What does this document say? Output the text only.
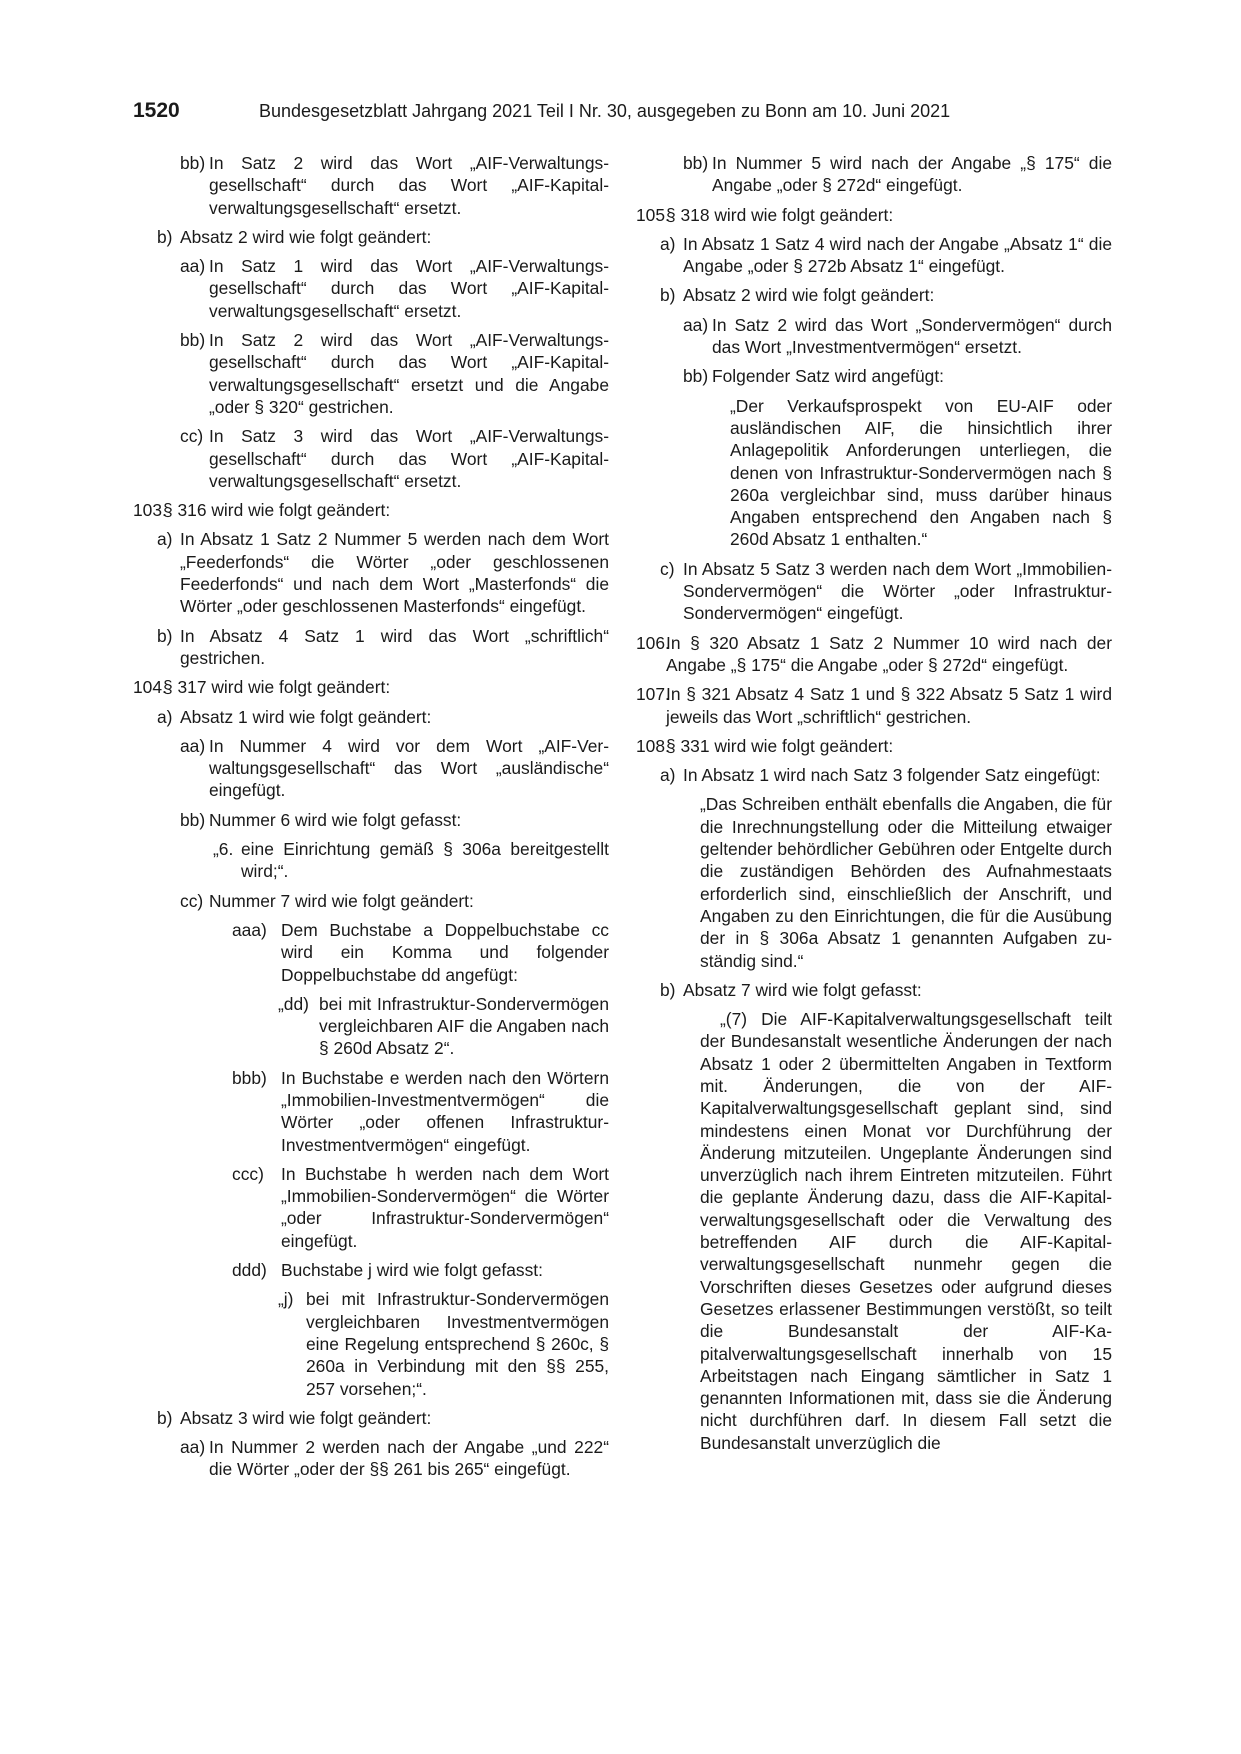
1520	Bundesgesetzblatt Jahrgang 2021 Teil I Nr. 30, ausgegeben zu Bonn am 10. Juni 2021
bb) In Satz 2 wird das Wort „AIF-Verwaltungsgesellschaft“ durch das Wort „AIF-Kapitalverwaltungsgesellschaft“ ersetzt.
b) Absatz 2 wird wie folgt geändert:
aa) In Satz 1 wird das Wort „AIF-Verwaltungsgesellschaft“ durch das Wort „AIF-Kapitalverwaltungsgesellschaft“ ersetzt.
bb) In Satz 2 wird das Wort „AIF-Verwaltungsgesellschaft“ durch das Wort „AIF-Kapitalverwaltungsgesellschaft“ ersetzt und die Angabe „oder § 320“ gestrichen.
cc) In Satz 3 wird das Wort „AIF-Verwaltungsgesellschaft“ durch das Wort „AIF-Kapitalverwaltungsgesellschaft“ ersetzt.
103.
§ 316 wird wie folgt geändert:
a) In Absatz 1 Satz 2 Nummer 5 werden nach dem Wort „Feederfonds“ die Wörter „oder geschlossenen Feederfonds“ und nach dem Wort „Masterfonds“ die Wörter „oder geschlossenen Masterfonds“ eingefügt.
b) In Absatz 4 Satz 1 wird das Wort „schriftlich“ gestrichen.
104.
§ 317 wird wie folgt geändert:
a) Absatz 1 wird wie folgt geändert:
aa) In Nummer 4 wird vor dem Wort „AIF-Verwaltungsgesellschaft“ das Wort „ausländische“ eingefügt.
bb) Nummer 6 wird wie folgt gefasst:
„6. eine Einrichtung gemäß § 306a bereitgestellt wird;“.
cc) Nummer 7 wird wie folgt geändert:
aaa) Dem Buchstabe a Doppelbuchstabe cc wird ein Komma und folgender Doppelbuchstabe dd angefügt:
„dd) bei mit Infrastruktur-Sondervermögen vergleichbaren AIF die Angaben nach § 260d Absatz 2“.
bbb) In Buchstabe e werden nach den Wörtern „Immobilien-Investmentvermögen“ die Wörter „oder offenen Infrastruktur-Investmentvermögen“ eingefügt.
ccc) In Buchstabe h werden nach dem Wort „Immobilien-Sondervermögen“ die Wörter „oder Infrastruktur-Sondervermögen“ eingefügt.
ddd) Buchstabe j wird wie folgt gefasst:
„j) bei mit Infrastruktur-Sondervermögen vergleichbaren Investmentvermögen eine Regelung entsprechend § 260c, § 260a in Verbindung mit den §§ 255, 257 vorsehen;“.
b) Absatz 3 wird wie folgt geändert:
aa) In Nummer 2 werden nach der Angabe „und 222“ die Wörter „oder der §§ 261 bis 265“ eingefügt.
bb) In Nummer 5 wird nach der Angabe „§ 175“ die Angabe „oder § 272d“ eingefügt.
105.
§ 318 wird wie folgt geändert:
a) In Absatz 1 Satz 4 wird nach der Angabe „Absatz 1“ die Angabe „oder § 272b Absatz 1“ eingefügt.
b) Absatz 2 wird wie folgt geändert:
aa) In Satz 2 wird das Wort „Sondervermögen“ durch das Wort „Investmentvermögen“ ersetzt.
bb) Folgender Satz wird angefügt:
„Der Verkaufsprospekt von EU-AIF oder ausländischen AIF, die hinsichtlich ihrer Anlagepolitik Anforderungen unterliegen, die denen von Infrastruktur-Sondervermögen nach § 260a vergleichbar sind, muss darüber hinaus Angaben entsprechend den Angaben nach § 260d Absatz 1 enthalten.“
c) In Absatz 5 Satz 3 werden nach dem Wort „Immobilien-Sondervermögen“ die Wörter „oder Infrastruktur-Sondervermögen“ eingefügt.
106.
In § 320 Absatz 1 Satz 2 Nummer 10 wird nach der Angabe „§ 175“ die Angabe „oder § 272d“ eingefügt.
107.
In § 321 Absatz 4 Satz 1 und § 322 Absatz 5 Satz 1 wird jeweils das Wort „schriftlich“ gestrichen.
108.
§ 331 wird wie folgt geändert:
a) In Absatz 1 wird nach Satz 3 folgender Satz eingefügt:
„Das Schreiben enthält ebenfalls die Angaben, die für die Inrechnungstellung oder die Mitteilung etwaiger geltender behördlicher Gebühren oder Entgelte durch die zuständigen Behörden des Aufnahmestaats erforderlich sind, einschließlich der Anschrift, und Angaben zu den Einrichtungen, die für die Ausübung der in § 306a Absatz 1 genannten Aufgaben zuständig sind.“
b) Absatz 7 wird wie folgt gefasst:
„(7) Die AIF-Kapitalverwaltungsgesellschaft teilt der Bundesanstalt wesentliche Änderungen der nach Absatz 1 oder 2 übermittelten Angaben in Textform mit. Änderungen, die von der AIF-Kapitalverwaltungsgesellschaft geplant sind, sind mindestens einen Monat vor Durchführung der Änderung mitzuteilen. Ungeplante Änderungen sind unverzüglich nach ihrem Eintreten mitzuteilen. Führt die geplante Änderung dazu, dass die AIF-Kapitalverwaltungsgesellschaft oder die Verwaltung des betreffenden AIF durch die AIF-Kapitalverwaltungsgesellschaft nunmehr gegen die Vorschriften dieses Gesetzes oder aufgrund dieses Gesetzes erlassener Bestimmungen verstößt, so teilt die Bundesanstalt der AIF-Kapitalverwaltungsgesellschaft innerhalb von 15 Arbeitstagen nach Eingang sämtlicher in Satz 1 genannten Informationen mit, dass sie die Änderung nicht durchführen darf. In diesem Fall setzt die Bundesanstalt unverzüglich die
